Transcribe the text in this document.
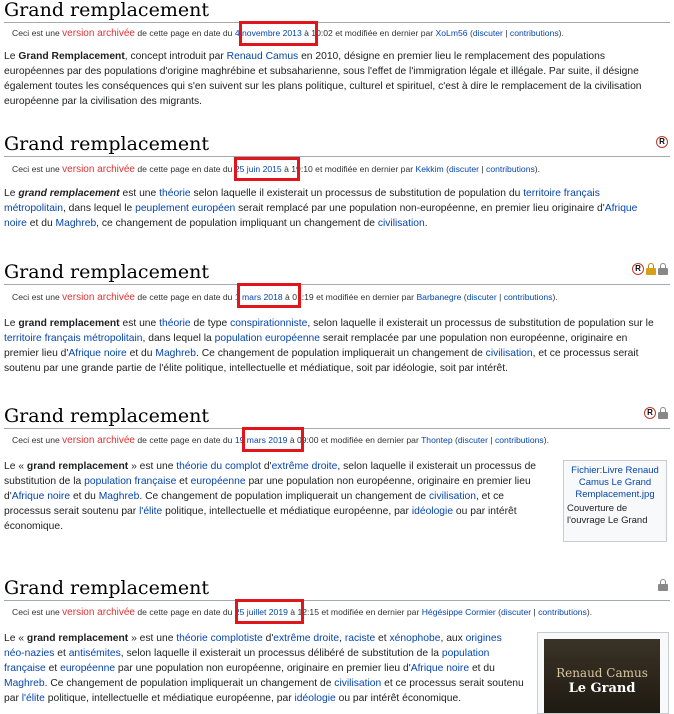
Grand remplacement
Ceci est une version archivée de cette page en date du 4 novembre 2013 à 10:02 et modifiée en dernier par XoLm56 (discuter | contributions).
Le Grand Remplacement, concept introduit par Renaud Camus en 2010, désigne en premier lieu le remplacement des populations européennes par des populations d'origine maghrébine et subsaharienne, sous l'effet de l'immigration légale et illégale. Par suite, il désigne également toutes les conséquences qui s'en suivent sur les plans politique, culturel et spirituel, c'est à dire le remplacement de la civilisation européenne par la civilisation des migrants.
Grand remplacement	R
Ceci est une version archivée de cette page en date du 25 juin 2015 à 19:10 et modifiée en dernier par Kekkim (discuter | contributions).
Le grand remplacement est une théorie selon laquelle il existerait un processus de substitution de population du territoire français métropolitain, dans lequel le peuplement européen serait remplacé par une population non-européenne, en premier lieu originaire d'Afrique noire et du Maghreb, ce changement de population impliquant un changement de civilisation.
Grand remplacement	R
Ceci est une version archivée de cette page en date du 1 mars 2018 à 01:19 et modifiée en dernier par Barbanegre (discuter | contributions).
Le grand remplacement est une théorie de type conspirationniste, selon laquelle il existerait un processus de substitution de population sur le territoire français métropolitain, dans lequel la population européenne serait remplacée par une population non européenne, originaire en premier lieu d'Afrique noire et du Maghreb. Ce changement de population impliquerait un changement de civilisation, et ce processus serait soutenu par une grande partie de l'élite politique, intellectuelle et médiatique, soit par idéologie, soit par intérêt.
Grand remplacement	R
Ceci est une version archivée de cette page en date du 19 mars 2019 à 09:00 et modifiée en dernier par Thontep (discuter | contributions).
Le « grand remplacement » est une théorie du complot d'extrême droite, selon laquelle il existerait un processus de substitution de la population française et européenne par une population non européenne, originaire en premier lieu d'Afrique noire et du Maghreb. Ce changement de population impliquerait un changement de civilisation, et ce processus serait soutenu par l'élite politique, intellectuelle et médiatique européenne, par idéologie ou par intérêt économique.
Fichier:Livre Renaud Camus Le Grand Remplacement.jpg
Couverture de l'ouvrage Le Grand
Grand remplacement
Ceci est une version archivée de cette page en date du 25 juillet 2019 à 12:15 et modifiée en dernier par Hégésippe Cormier (discuter | contributions).
Le « grand remplacement » est une théorie complotiste d'extrême droite, raciste et xénophobe, aux origines néo-nazies et antisémites, selon laquelle il existerait un processus délibéré de substitution de la population française et européenne par une population non européenne, originaire en premier lieu d'Afrique noire et du Maghreb. Ce changement de population impliquerait un changement de civilisation et ce processus serait soutenu par l'élite politique, intellectuelle et médiatique européenne, par idéologie ou par intérêt économique.
Renaud Camus
Le Grand
